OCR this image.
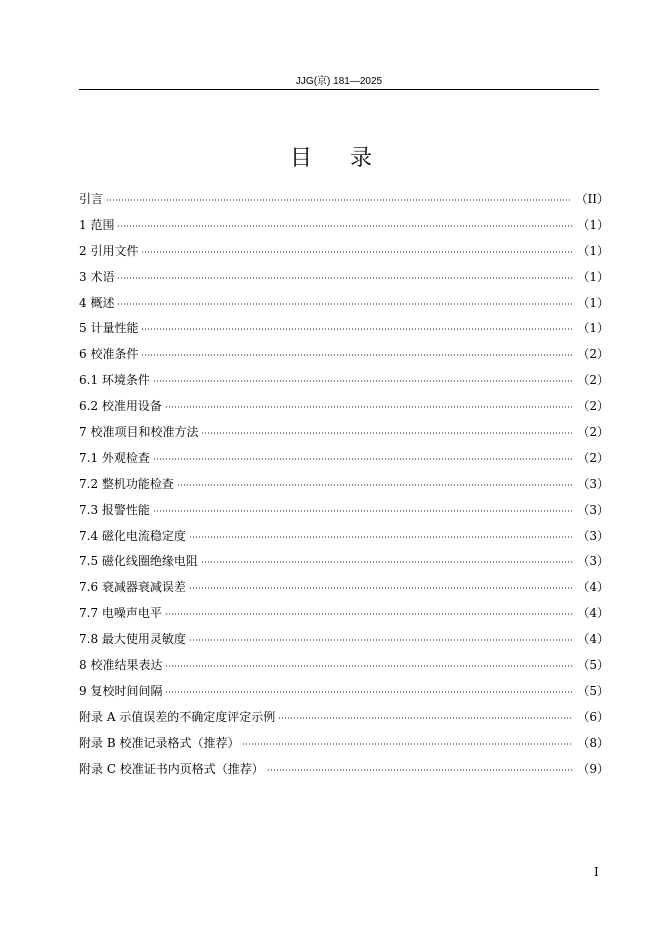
JJG(京) 181—2025
目录
引言	（II）
1 范围	（1）
2 引用文件	（1）
3 术语	（1）
4 概述	（1）
5 计量性能	（1）
6 校准条件	（2）
6.1 环境条件	（2）
6.2 校准用设备	（2）
7 校准项目和校准方法	（2）
7.1 外观检查	（2）
7.2 整机功能检查	（3）
7.3 报警性能	（3）
7.4 磁化电流稳定度	（3）
7.5 磁化线圈绝缘电阻	（3）
7.6 衰减器衰减误差	（4）
7.7 电噪声电平	（4）
7.8 最大使用灵敏度	（4）
8 校准结果表达	（5）
9 复校时间间隔	（5）
附录 A 示值误差的不确定度评定示例	（6）
附录 B 校准记录格式（推荐）	（8）
附录 C 校准证书内页格式（推荐）	（9）
I
